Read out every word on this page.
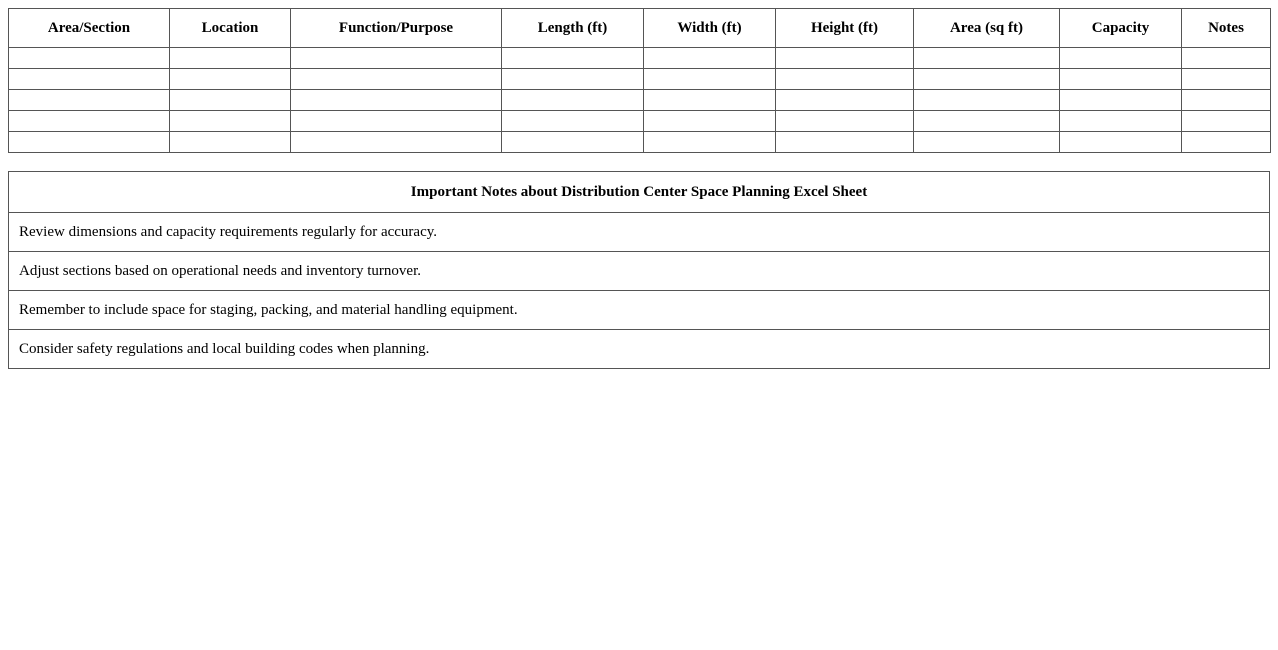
Area/Section	Location	Function/Purpose	Length (ft)	Width (ft)	Height (ft)	Area (sq ft)	Capacity	Notes

Important Notes about Distribution Center Space Planning Excel Sheet
Review dimensions and capacity requirements regularly for accuracy.
Adjust sections based on operational needs and inventory turnover.
Remember to include space for staging, packing, and material handling equipment.
Consider safety regulations and local building codes when planning.
